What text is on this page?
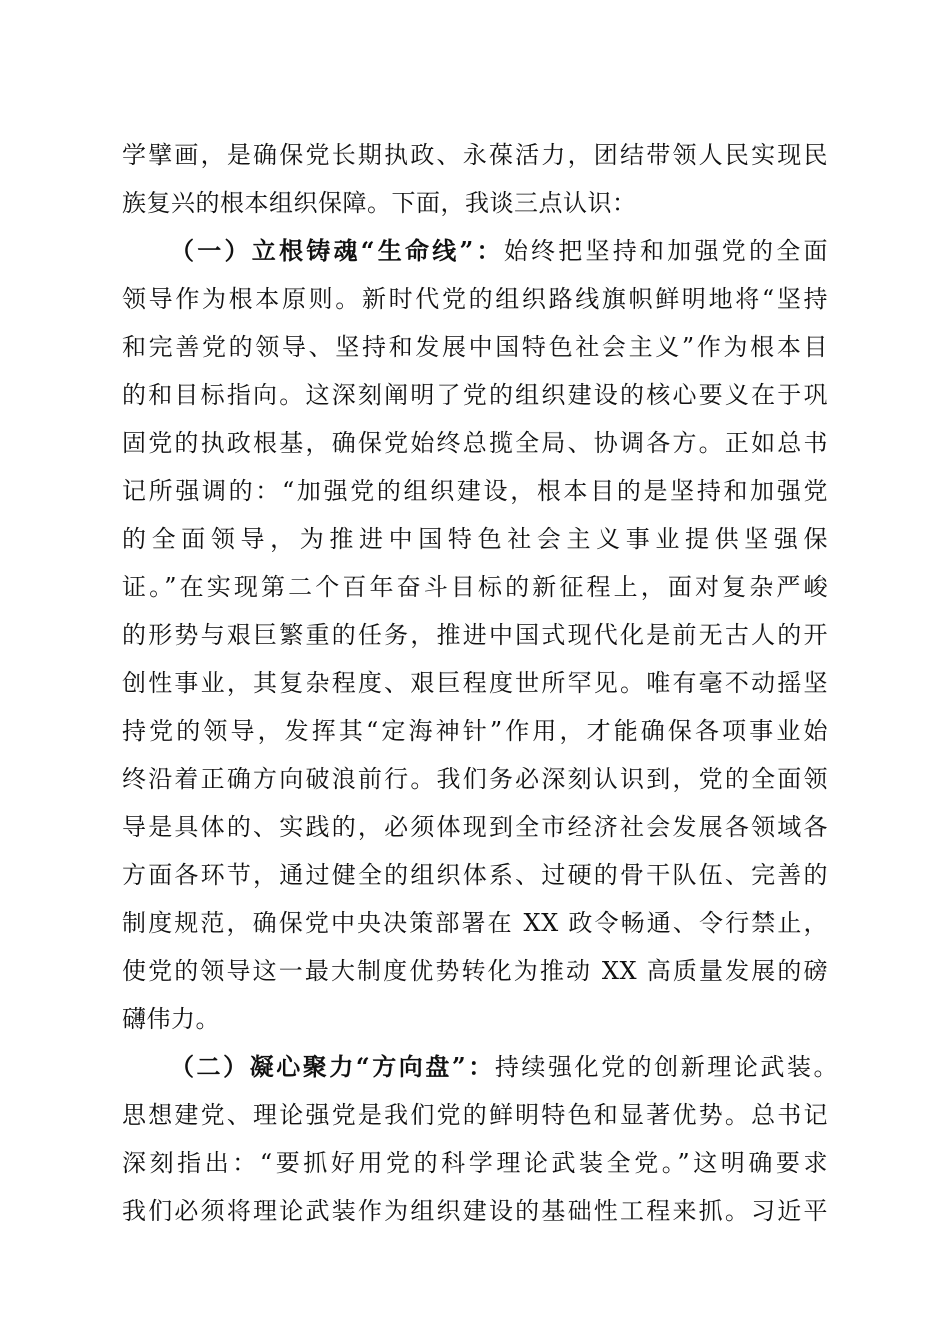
学擘画，是确保党长期执政、永葆活力，团结带领人民实现民
族复兴的根本组织保障。下面，我谈三点认识：
（一）立根铸魂“生命线”：始终把坚持和加强党的全面
领导作为根本原则。新时代党的组织路线旗帜鲜明地将“坚持
和完善党的领导、坚持和发展中国特色社会主义”作为根本目
的和目标指向。这深刻阐明了党的组织建设的核心要义在于巩
固党的执政根基，确保党始终总揽全局、协调各方。正如总书
记所强调的：“加强党的组织建设，根本目的是坚持和加强党
的全面领导，为推进中国特色社会主义事业提供坚强保
证。”在实现第二个百年奋斗目标的新征程上，面对复杂严峻
的形势与艰巨繁重的任务，推进中国式现代化是前无古人的开
创性事业，其复杂程度、艰巨程度世所罕见。唯有毫不动摇坚
持党的领导，发挥其“定海神针”作用，才能确保各项事业始
终沿着正确方向破浪前行。我们务必深刻认识到，党的全面领
导是具体的、实践的，必须体现到全市经济社会发展各领域各
方面各环节，通过健全的组织体系、过硬的骨干队伍、完善的
制度规范，确保党中央决策部署在 XX 政令畅通、令行禁止，
使党的领导这一最大制度优势转化为推动 XX 高质量发展的磅
礴伟力。
（二）凝心聚力“方向盘”：持续强化党的创新理论武装。
思想建党、理论强党是我们党的鲜明特色和显著优势。总书记
深刻指出：“要抓好用党的科学理论武装全党。”这明确要求
我们必须将理论武装作为组织建设的基础性工程来抓。习近平
